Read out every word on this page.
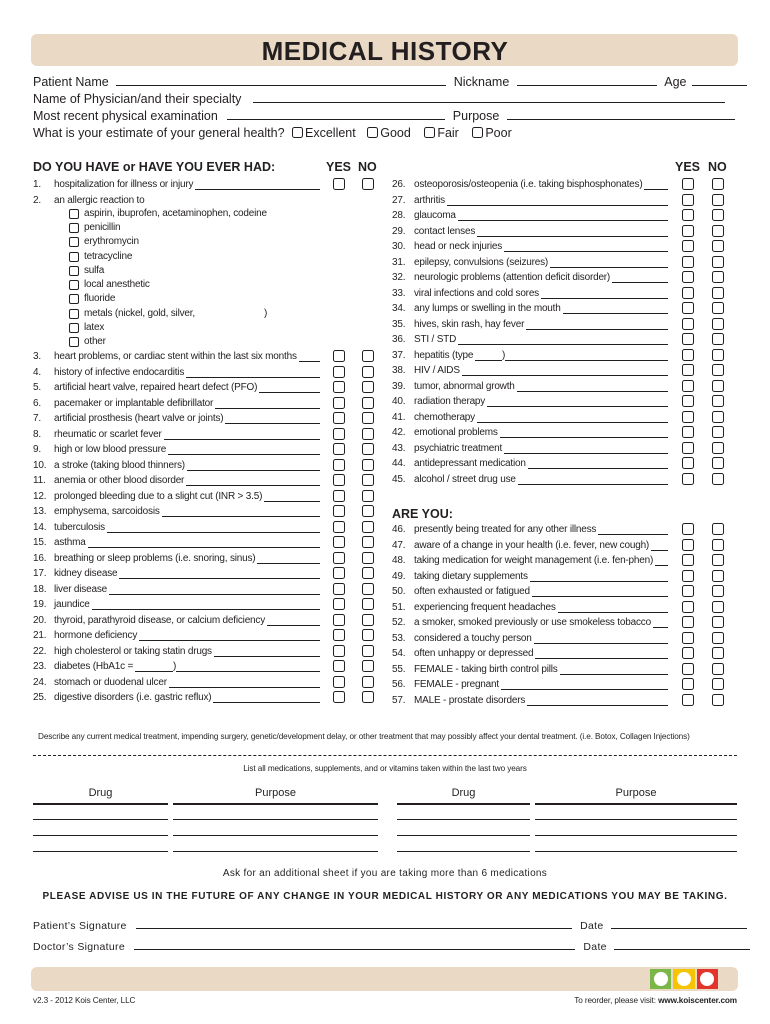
MEDICAL HISTORY
Patient Name	Nickname	Age
Name of Physician/and their specialty
Most recent physical examination	Purpose
What is your estimate of your general health? Excellent Good Fair Poor
DO YOU HAVE or HAVE YOU EVER HAD:	YES NO	YES NO
1. hospitalization for illness or injury
2. an allergic reaction to
3. heart problems, or cardiac stent within the last six months
4. history of infective endocarditis
5. artificial heart valve, repaired heart defect (PFO)
6. pacemaker or implantable defibrillator
7. artificial prosthesis (heart valve or joints)
8. rheumatic or scarlet fever
9. high or low blood pressure
10. a stroke (taking blood thinners)
11. anemia or other blood disorder
12. prolonged bleeding due to a slight cut (INR > 3.5)
13. emphysema, sarcoidosis
14. tuberculosis
15. asthma
16. breathing or sleep problems (i.e. snoring, sinus)
17. kidney disease
18. liver disease
19. jaundice
20. thyroid, parathyroid disease, or calcium deficiency
21. hormone deficiency
22. high cholesterol or taking statin drugs
23. diabetes (HbA1c =	)
24. stomach or duodenal ulcer
25. digestive disorders (i.e. gastric reflux)
aspirin, ibuprofen, acetaminophen, codeine
penicillin
erythromycin
tetracycline
sulfa
local anesthetic
fluoride
metals (nickel, gold, silver,	)
latex
other
26. osteoporosis/osteopenia (i.e. taking bisphosphonates)
27. arthritis
28. glaucoma
29. contact lenses
30. head or neck injuries
31. epilepsy, convulsions (seizures)
32. neurologic problems (attention deficit disorder)
33. viral infections and cold sores
34. any lumps or swelling in the mouth
35. hives, skin rash, hay fever
36. STI / STD
37. hepatitis (type	)
38. HIV / AIDS
39. tumor, abnormal growth
40. radiation therapy
41. chemotherapy
42. emotional problems
43. psychiatric treatment
44. antidepressant medication
45. alcohol / street drug use
46. presently being treated for any other illness
47. aware of a change in your health (i.e. fever, new cough)
48. taking medication for weight management (i.e. fen-phen)
49. taking dietary supplements
50. often exhausted or fatigued
51. experiencing frequent headaches
52. a smoker, smoked previously or use smokeless tobacco
53. considered a touchy person
54. often unhappy or depressed
55. FEMALE - taking birth control pills
56. FEMALE - pregnant
57. MALE - prostate disorders
ARE YOU:
Describe any current medical treatment, impending surgery, genetic/development delay, or other treatment that may possibly affect your dental treatment. (i.e. Botox, Collagen Injections)
List all medications, supplements, and or vitamins taken within the last two years
Drug	Purpose	Drug	Purpose
Ask for an additional sheet if you are taking more than 6 medications
PLEASE ADVISE US IN THE FUTURE OF ANY CHANGE IN YOUR MEDICAL HISTORY OR ANY MEDICATIONS YOU MAY BE TAKING.
Patient’s Signature	Date
Doctor’s Signature	Date
v2.3 - 2012 Kois Center, LLC	To reorder, please visit: www.koiscenter.com
